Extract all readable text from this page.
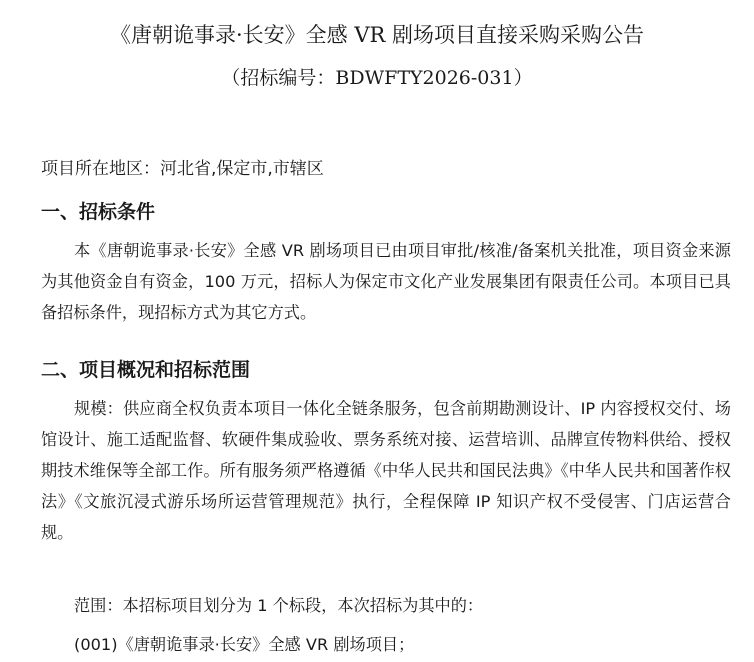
《唐朝诡事录·长安》全感 VR 剧场项目直接采购采购公告
（招标编号：BDWFTY2026-031）
项目所在地区：河北省,保定市,市辖区
一、招标条件
本《唐朝诡事录·长安》全感 VR 剧场项目已由项目审批/核准/备案机关批准，项目资金来源为其他资金自有资金，100 万元，招标人为保定市文化产业发展集团有限责任公司。本项目已具备招标条件，现招标方式为其它方式。
二、项目概况和招标范围
规模：供应商全权负责本项目一体化全链条服务，包含前期勘测设计、IP 内容授权交付、场馆设计、施工适配监督、软硬件集成验收、票务系统对接、运营培训、品牌宣传物料供给、授权期技术维保等全部工作。所有服务须严格遵循《中华人民共和国民法典》《中华人民共和国著作权法》《文旅沉浸式游乐场所运营管理规范》执行，全程保障 IP 知识产权不受侵害、门店运营合规。
范围：本招标项目划分为 1 个标段，本次招标为其中的：
(001)《唐朝诡事录·长安》全感 VR 剧场项目；
